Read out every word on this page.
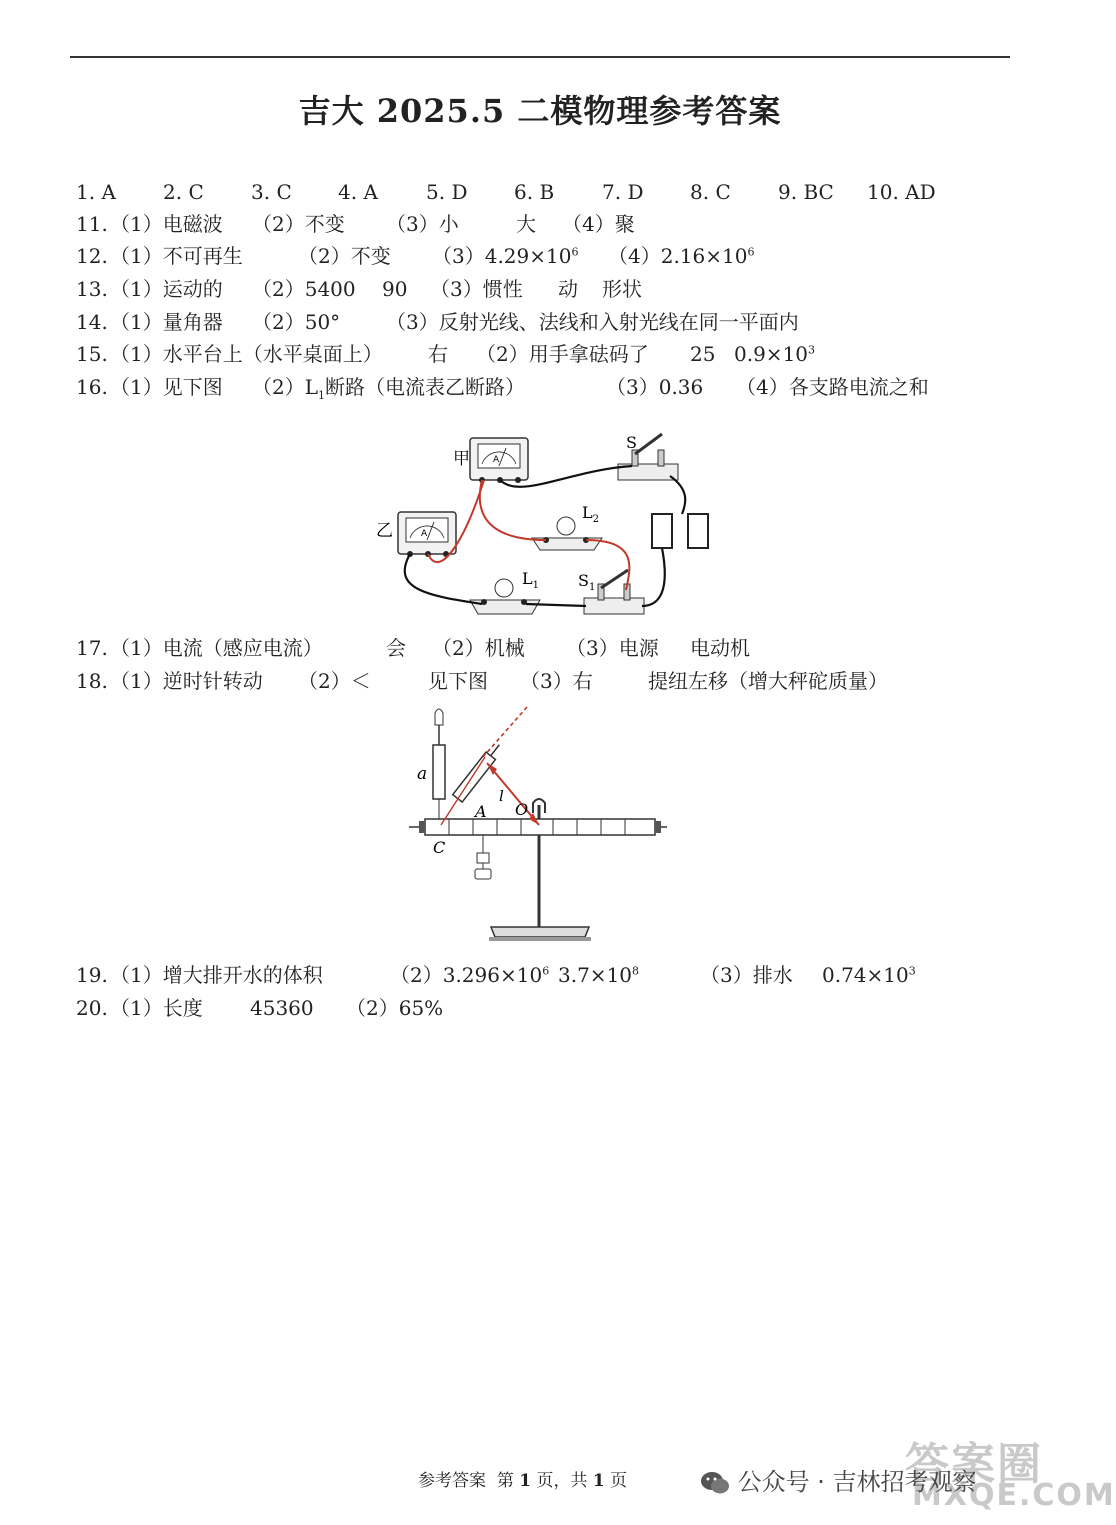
吉大 2025.5 二模物理参考答案
1. A 2. C 3. C 4. A 5. D 6. B 7. D 8. C 9. BC 10. AD
11. （1）电磁波 （2）不变 （3）小	大 （4）聚
12. （1）不可再生	（2）不变 $(3)4.29\times 10^6$ $(4)2.16\times 10^6$
13. （1）运动的 （2）5400 90 （3）惯性 动 形状
14. （1）量角器 （2）50° （3）反射光线、法线和入射光线在同一平面内
15. （1）水平台上（水平桌面上） 右 （2）用手拿砝码了 25 $0.9\times 10^3$
16. （1）见下图 $(2)L_1$断路（电流表乙断路）	（3）0.36 （4）各支路电流之和
A
甲
A
乙
S
$L_2$
$L_1$ $S_1$
17. （1）电流（感应电流）	会 （2）机械 （3）电源 电动机
18. （1）逆时针转动 （2）＜	见下图 （3）右	提纽左移（增大秤砣质量）
a
l
A O
C
19. （1）增大排开水的体积	$(2)3.296\times 10^6$ $3.7\times 10^8$	（3）排水 $0.74\times 10^3$
20. （1）长度 45360 （2）65%
参考答案 第 1 页，共 1 页	答案圈
MXQE.COM
公众号 · 吉林招考观察
